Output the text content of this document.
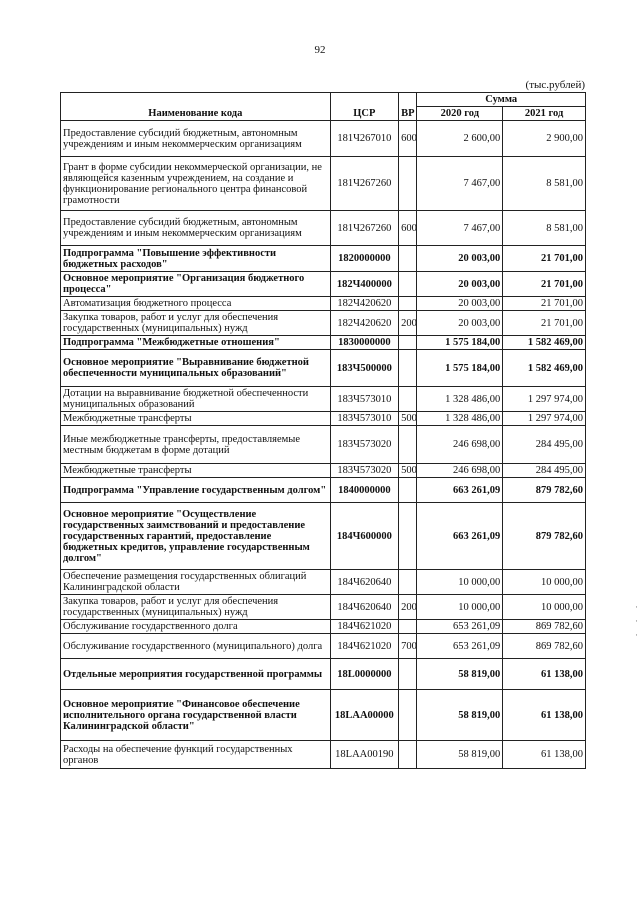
92
(тыс.рублей)
Наименование кода	ЦСР	ВР	Сумма	
			2020 год	2021 год
Предоставление субсидий бюджетным, автономным учреждениям и иным некоммерческим организациям	181Ч267010	600	2 600,00	2 900,00
Грант в форме субсидии некоммерческой организации, не являющейся казенным учреждением, на создание и функционирование регионального центра финансовой грамотности	181Ч267260		7 467,00	8 581,00
Предоставление субсидий бюджетным, автономным учреждениям и иным некоммерческим организациям	181Ч267260	600	7 467,00	8 581,00
Подпрограмма "Повышение эффективности бюджетных расходов"	1820000000		20 003,00	21 701,00
Основное мероприятие "Организация бюджетного процесса"	182Ч400000		20 003,00	21 701,00
Автоматизация бюджетного процесса	182Ч420620		20 003,00	21 701,00
Закупка товаров, работ и услуг для обеспечения государственных (муниципальных) нужд	182Ч420620	200	20 003,00	21 701,00
Подпрограмма "Межбюджетные отношения"	1830000000		1 575 184,00	1 582 469,00
Основное мероприятие "Выравнивание бюджетной обеспеченности муниципальных образований"	183Ч500000		1 575 184,00	1 582 469,00
Дотации на выравнивание бюджетной обеспеченности муниципальных образований	183Ч573010		1 328 486,00	1 297 974,00
Межбюджетные трансферты	183Ч573010	500	1 328 486,00	1 297 974,00
Иные межбюджетные трансферты, предоставляемые местным бюджетам в форме дотаций	183Ч573020		246 698,00	284 495,00
Межбюджетные трансферты	183Ч573020	500	246 698,00	284 495,00
Подпрограмма "Управление государственным долгом"	1840000000		663 261,09	879 782,60
Основное мероприятие "Осуществление государственных заимствований и предоставление государственных гарантий, предоставление бюджетных кредитов, управление государственным долгом"	184Ч600000		663 261,09	879 782,60
Обеспечение размещения государственных облигаций Калининградской области	184Ч620640		10 000,00	10 000,00
Закупка товаров, работ и услуг для обеспечения государственных (муниципальных) нужд	184Ч620640	200	10 000,00	10 000,00
Обслуживание государственного долга	184Ч621020		653 261,09	869 782,60
Обслуживание государственного (муниципального) долга	184Ч621020	700	653 261,09	869 782,60
Отдельные мероприятия государственной программы	18L0000000		58 819,00	61 138,00
Основное мероприятие "Финансовое обеспечение исполнительного органа государственной власти Калининградской области"	18LAA00000		58 819,00	61 138,00
Расходы на обеспечение функций государственных органов	18LAA00190		58 819,00	61 138,00
·
·
·
